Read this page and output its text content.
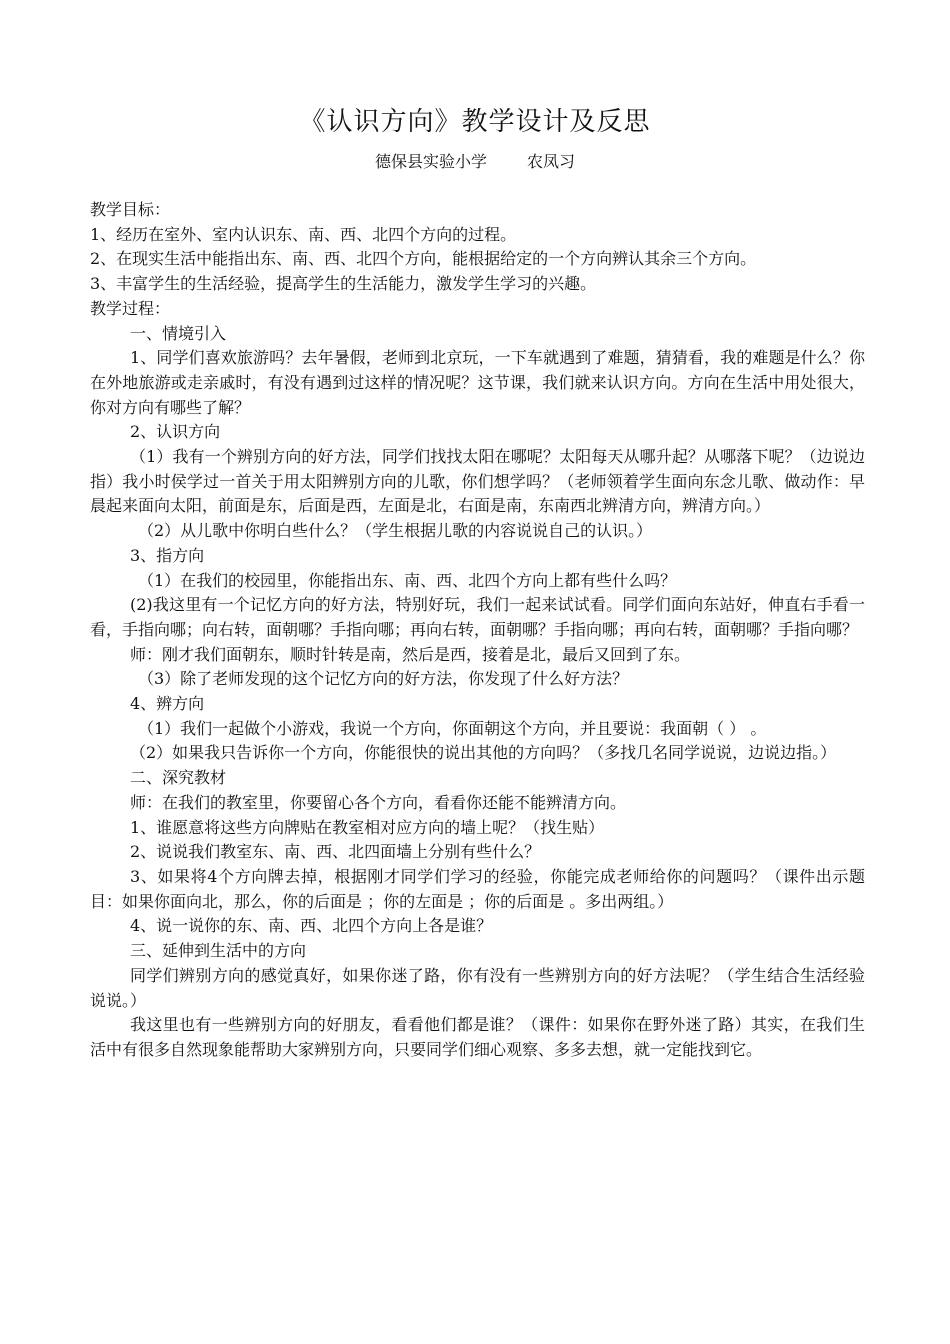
《认识方向》教学设计及反思
德保县实验小学	农凤习

教学目标：

1、经历在室外、室内认识东、南、西、北四个方向的过程。

2、在现实生活中能指出东、南、西、北四个方向，能根据给定的一个方向辨认其余三个方向。

3、丰富学生的生活经验，提高学生的生活能力，激发学生学习的兴趣。

教学过程：

一、情境引入

1、同学们喜欢旅游吗？去年暑假，老师到北京玩，一下车就遇到了难题，猜猜看，我的难题是什么？你在外地旅游或走亲戚时，有没有遇到过这样的情况呢？这节课，我们就来认识方向。方向在生活中用处很大，你对方向有哪些了解？

2、认识方向

（1）我有一个辨别方向的好方法，同学们找找太阳在哪呢？太阳每天从哪升起？从哪落下呢？（边说边指）我小时侯学过一首关于用太阳辨别方向的儿歌，你们想学吗？（老师领着学生面向东念儿歌、做动作：早晨起来面向太阳，前面是东，后面是西，左面是北，右面是南，东南西北辨清方向，辨清方向。）

（2）从儿歌中你明白些什么？（学生根据儿歌的内容说说自己的认识。）

3、指方向

（1）在我们的校园里，你能指出东、南、西、北四个方向上都有些什么吗？

(2)我这里有一个记忆方向的好方法，特别好玩，我们一起来试试看。同学们面向东站好，伸直右手看一看，手指向哪；向右转，面朝哪？手指向哪；再向右转，面朝哪？手指向哪；再向右转，面朝哪？手指向哪？

师：刚才我们面朝东，顺时针转是南，然后是西，接着是北，最后又回到了东。

（3）除了老师发现的这个记忆方向的好方法，你发现了什么好方法？

4、辨方向

（1）我们一起做个小游戏，我说一个方向，你面朝这个方向，并且要说：我面朝（ ） 。

（2）如果我只告诉你一个方向，你能很快的说出其他的方向吗？（多找几名同学说说，边说边指。）

二、深究教材

师：在我们的教室里，你要留心各个方向，看看你还能不能辨清方向。

1、谁愿意将这些方向牌贴在教室相对应方向的墙上呢？（找生贴）

2、说说我们教室东、南、西、北四面墙上分别有些什么？

3、如果将4个方向牌去掉，根据刚才同学们学习的经验，你能完成老师给你的问题吗？（课件出示题目：如果你面向北，那么，你的后面是 ；你的左面是 ；你的后面是 。多出两组。）

4、说一说你的东、南、西、北四个方向上各是谁？

三、延伸到生活中的方向

同学们辨别方向的感觉真好，如果你迷了路，你有没有一些辨别方向的好方法呢？（学生结合生活经验说说。）

我这里也有一些辨别方向的好朋友，看看他们都是谁？（课件：如果你在野外迷了路）其实，在我们生活中有很多自然现象能帮助大家辨别方向，只要同学们细心观察、多多去想，就一定能找到它。
